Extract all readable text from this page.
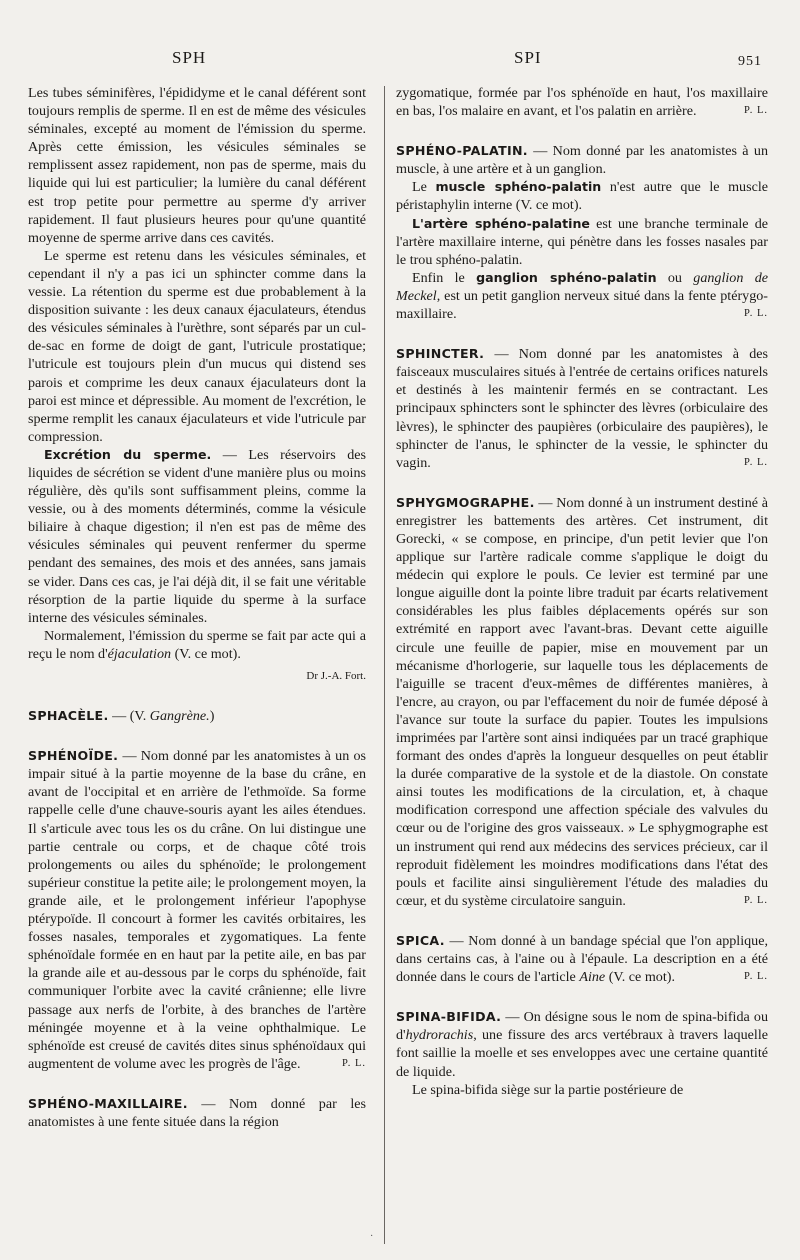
SPH	SPI	951

Les tubes séminifères, l'épididyme et le canal déférent sont toujours remplis de sperme. Il en est de même des vésicules séminales, excepté au moment de l'émission du sperme. Après cette émission, les vésicules séminales se remplissent assez rapidement, non pas de sperme, mais du liquide qui lui est particulier; la lumière du canal déférent est trop petite pour permettre au sperme d'y arriver rapidement. Il faut plusieurs heures pour qu'une quantité moyenne de sperme arrive dans ces cavités.

Le sperme est retenu dans les vésicules séminales, et cependant il n'y a pas ici un sphincter comme dans la vessie. La rétention du sperme est due probablement à la disposition suivante : les deux canaux éjaculateurs, étendus des vésicules séminales à l'urèthre, sont séparés par un cul-de-sac en forme de doigt de gant, l'utricule prostatique; l'utricule est toujours plein d'un mucus qui distend ses parois et comprime les deux canaux éjaculateurs dont la paroi est mince et dépressible. Au moment de l'excrétion, le sperme remplit les canaux éjaculateurs et vide l'utricule par compression.

Excrétion du sperme. — Les réservoirs des liquides de sécrétion se vident d'une manière plus ou moins régulière, dès qu'ils sont suffisamment pleins, comme la vessie, ou à des moments déterminés, comme la vésicule biliaire à chaque digestion; il n'en est pas de même des vésicules séminales qui peuvent renfermer du sperme pendant des semaines, des mois et des années, sans jamais se vider. Dans ces cas, je l'ai déjà dit, il se fait une véritable résorption de la partie liquide du sperme à la surface interne des vésicules séminales.

Normalement, l'émission du sperme se fait par acte qui a reçu le nom d'éjaculation (V. ce mot).

Dr J.-A. Fort.

SPHACÈLE. — (V. Gangrène.)

SPHÉNOÏDE. — Nom donné par les anatomistes à un os impair situé à la partie moyenne de la base du crâne, en avant de l'occipital et en arrière de l'ethmoïde. Sa forme rappelle celle d'une chauve-souris ayant les ailes étendues. Il s'articule avec tous les os du crâne. On lui distingue une partie centrale ou corps, et de chaque côté trois prolongements ou ailes du sphénoïde; le prolongement supérieur constitue la petite aile; le prolongement moyen, la grande aile, et le prolongement inférieur l'apophyse ptérypoïde. Il concourt à former les cavités orbitaires, les fosses nasales, temporales et zygomatiques. La fente sphénoïdale formée en en haut par la petite aile, en bas par la grande aile et au-dessous par le corps du sphénoïde, fait communiquer l'orbite avec la cavité crânienne; elle livre passage aux nerfs de l'orbite, à des branches de l'artère méningée moyenne et à la veine ophthalmique. Le sphénoïde est creusé de cavités dites sinus sphénoïdaux qui augmentent de volume avec les progrès de l'âge.	P. L.

SPHÉNO-MAXILLAIRE. — Nom donné par les anatomistes à une fente située dans la région

zygomatique, formée par l'os sphénoïde en haut, l'os maxillaire en bas, l'os malaire en avant, et l'os palatin en arrière.	P. L.

SPHÉNO-PALATIN. — Nom donné par les anatomistes à un muscle, à une artère et à un ganglion.

Le muscle sphéno-palatin n'est autre que le muscle péristaphylin interne (V. ce mot).

L'artère sphéno-palatine est une branche terminale de l'artère maxillaire interne, qui pénètre dans les fosses nasales par le trou sphéno-palatin.

Enfin le ganglion sphéno-palatin ou ganglion de Meckel, est un petit ganglion nerveux situé dans la fente ptérygo-maxillaire.	P. L.

SPHINCTER. — Nom donné par les anatomistes à des faisceaux musculaires situés à l'entrée de certains orifices naturels et destinés à les maintenir fermés en se contractant. Les principaux sphincters sont le sphincter des lèvres (orbiculaire des lèvres), le sphincter des paupières (orbiculaire des paupières), le sphincter de l'anus, le sphincter de la vessie, le sphincter du vagin.	P. L.

SPHYGMOGRAPHE. — Nom donné à un instrument destiné à enregistrer les battements des artères. Cet instrument, dit Gorecki, « se compose, en principe, d'un petit levier que l'on applique sur l'artère radicale comme s'applique le doigt du médecin qui explore le pouls. Ce levier est terminé par une longue aiguille dont la pointe libre traduit par écarts relativement considérables les plus faibles déplacements opérés sur son extrémité en rapport avec l'avant-bras. Devant cette aiguille circule une feuille de papier, mise en mouvement par un mécanisme d'horlogerie, sur laquelle tous les déplacements de l'aiguille se tracent d'eux-mêmes de différentes manières, à l'encre, au crayon, ou par l'effacement du noir de fumée déposé à l'avance sur toute la surface du papier. Toutes les impulsions imprimées par l'artère sont ainsi indiquées par un tracé graphique formant des ondes d'après la longueur desquelles on peut établir la durée comparative de la systole et de la diastole. On constate ainsi toutes les modifications de la circulation, et, à chaque modification correspond une affection spéciale des valvules du cœur ou de l'origine des gros vaisseaux. » Le sphygmographe est un instrument qui rend aux médecins des services précieux, car il reproduit fidèlement les moindres modifications dans l'état des pouls et facilite ainsi singulièrement l'étude des maladies du cœur, et du système circulatoire sanguin.	P. L.

SPICA. — Nom donné à un bandage spécial que l'on applique, dans certains cas, à l'aine ou à l'épaule. La description en a été donnée dans le cours de l'article Aine (V. ce mot).	P. L.

SPINA-BIFIDA. — On désigne sous le nom de spina-bifida ou d'hydrorachis, une fissure des arcs vertébraux à travers laquelle font saillie la moelle et ses enveloppes avec une certaine quantité de liquide.

Le spina-bifida siège sur la partie postérieure de

·
